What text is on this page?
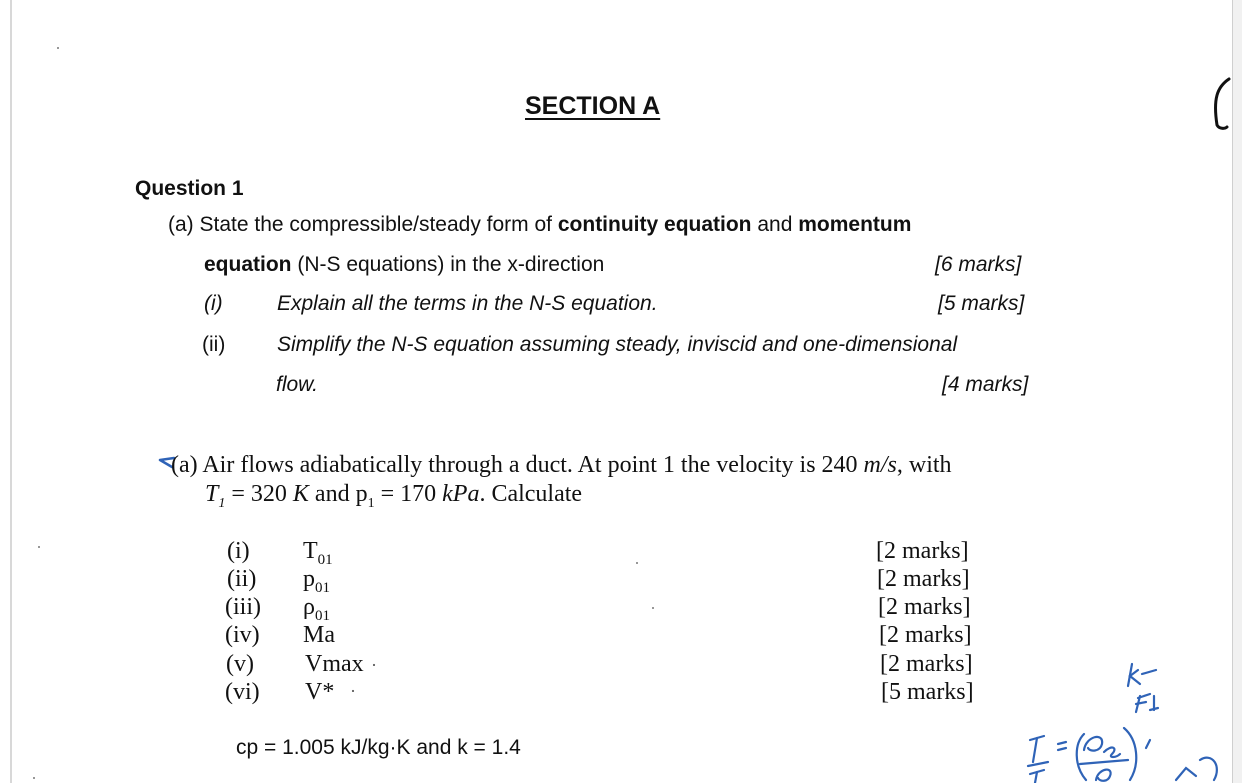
SECTION A
Question 1
(a) State the compressible/steady form of continuity equation and momentum
equation (N-S equations) in the x-direction	[6 marks]
(i)	Explain all the terms in the N-S equation.	[5 marks]
(ii) Simplify the N-S equation assuming steady, inviscid and one-dimensional
flow.	[4 marks]
(a) Air flows adiabatically through a duct. At point 1 the velocity is 240 m/s, with
$T_1 = 320$ K and $p_1 = 170$ kPa. Calculate
(i) $T_{01}$	[2 marks]
(ii) $p_{01}$	[2 marks]
(iii) $\rho_{01}$	[2 marks]
(iv) Ma	[2 marks]
(v) Vmax ·	[2 marks]
(vi) V* ·	[5 marks]
cp = 1.005 kJ/kg·K and k = 1.4
